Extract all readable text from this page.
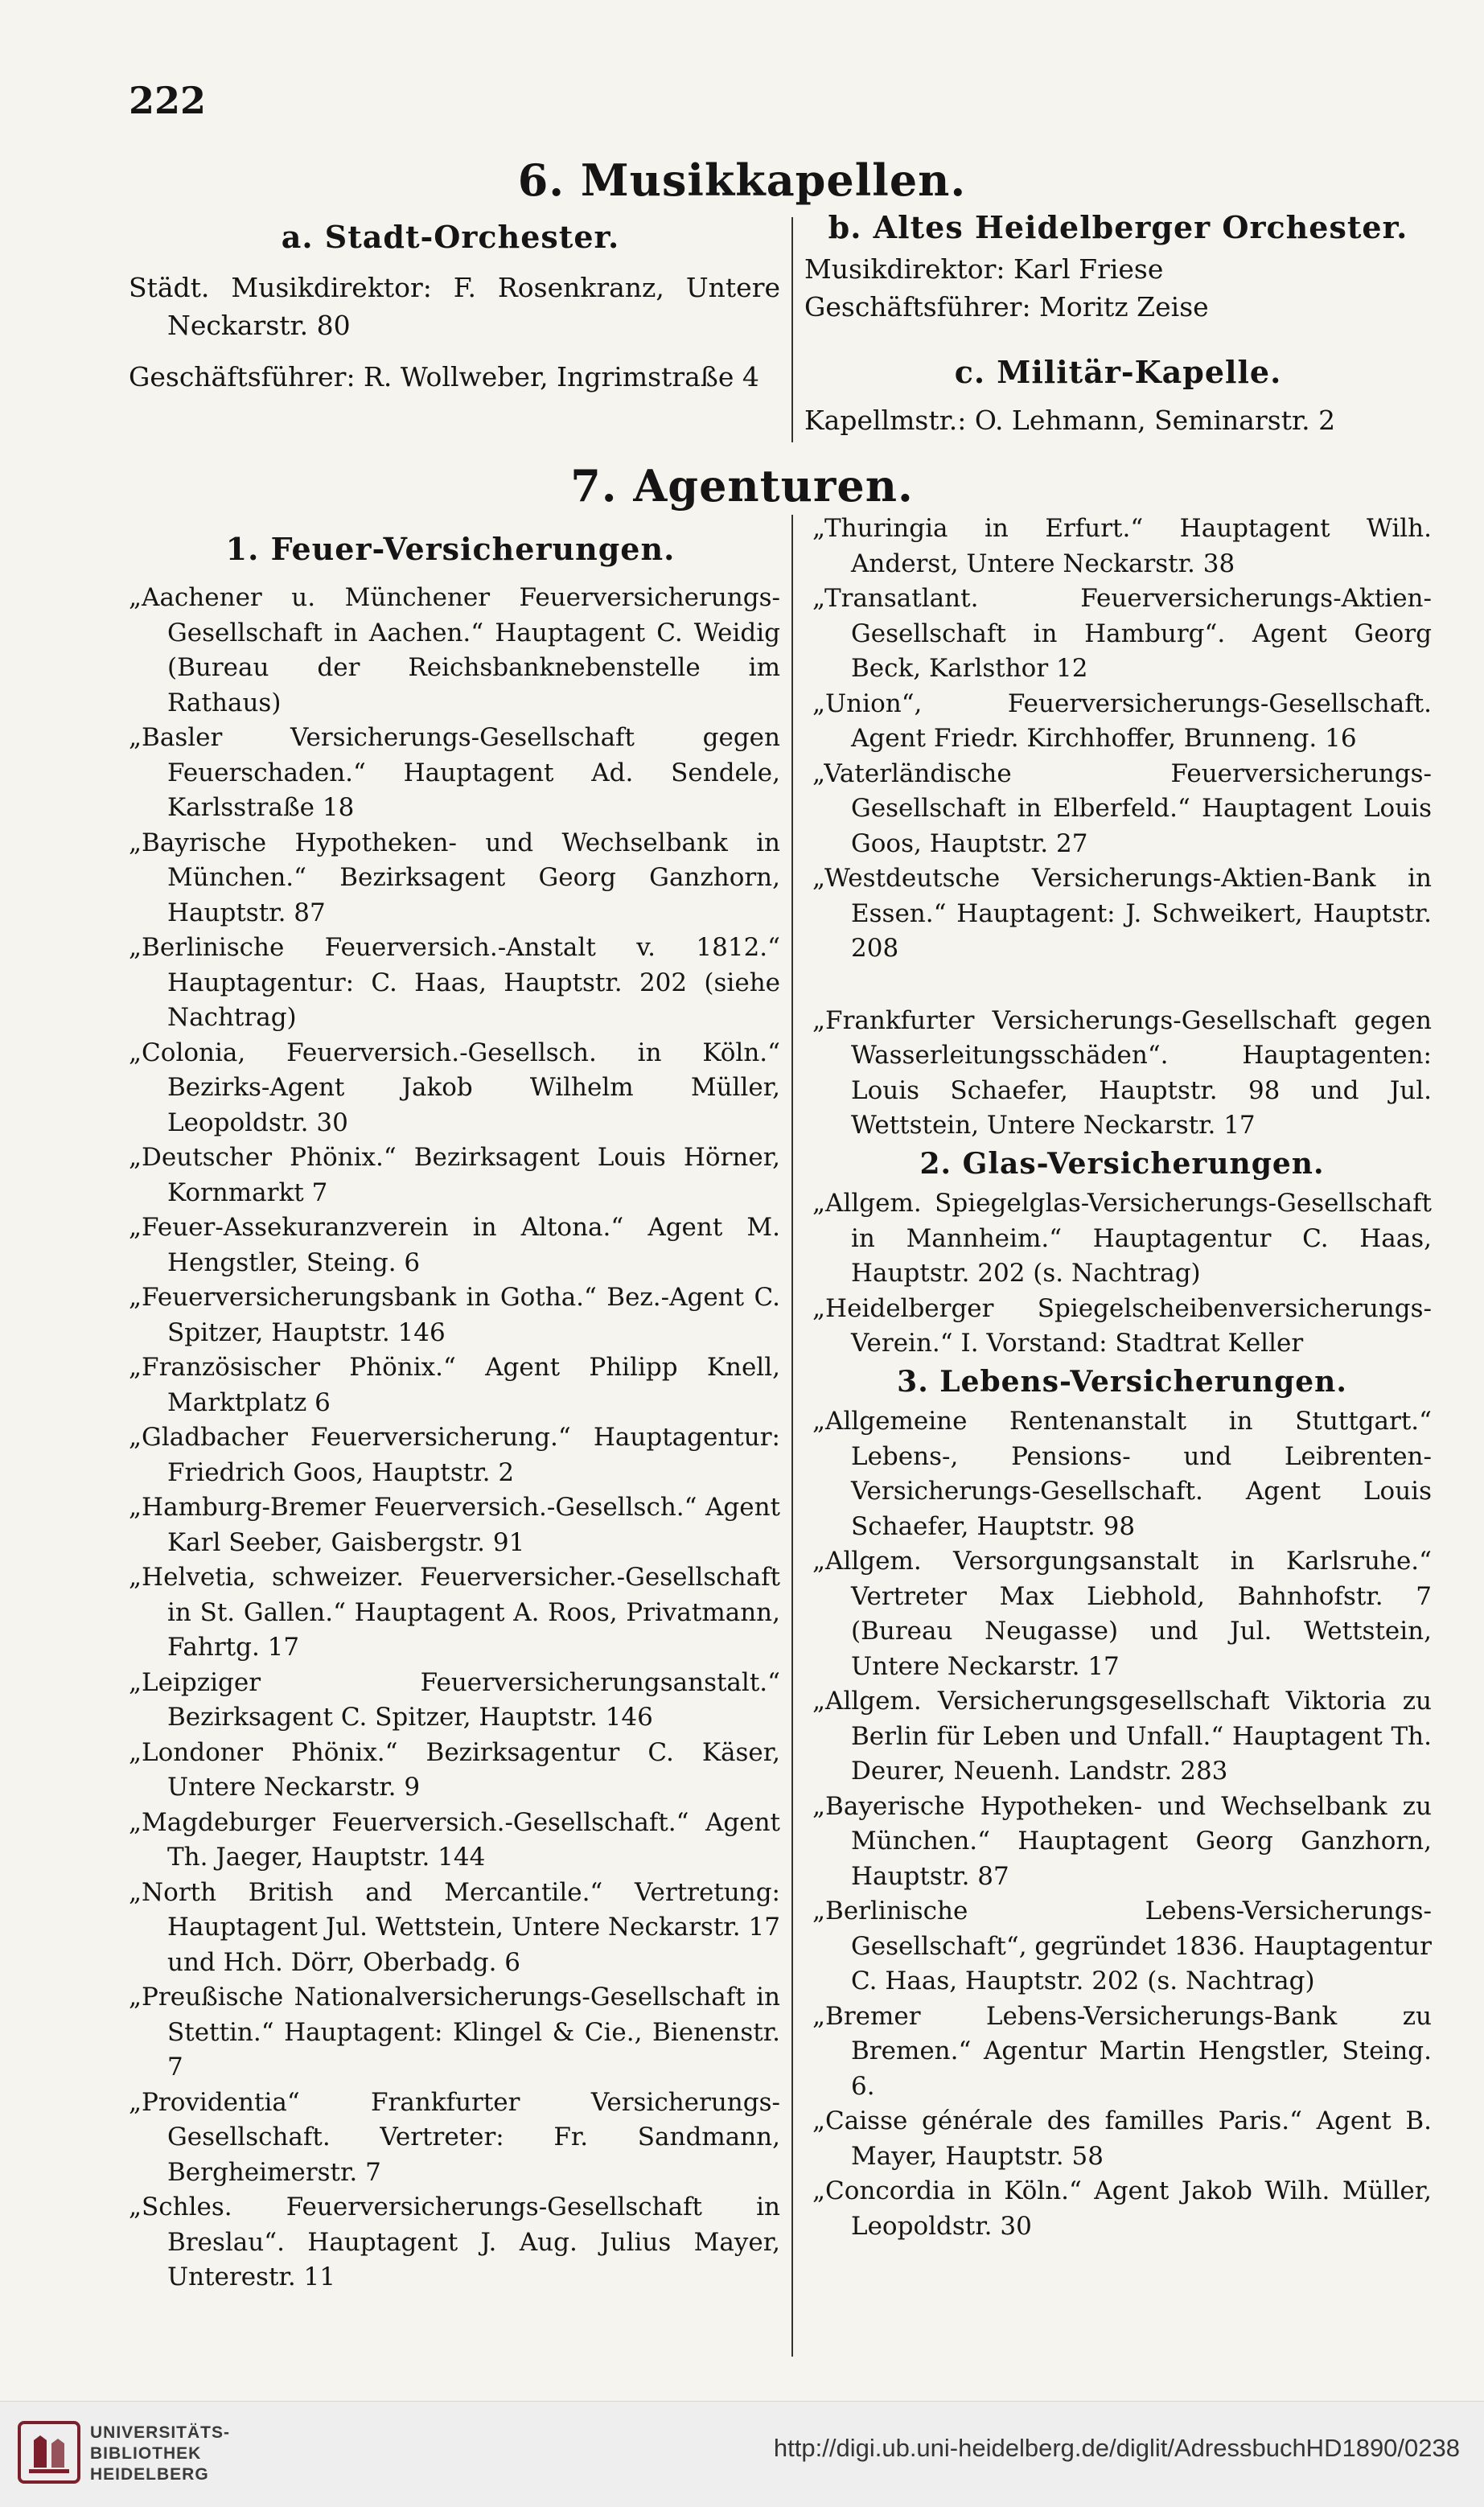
222
6. Musikkapellen.
a. Stadt-Orchester.

Städt. Musikdirektor: F. Rosenkranz, Untere Neckarstr. 80

Geschäftsführer: R. Wollweber, Ingrimstraße 4

b. Altes Heidelberger Orchester.

Musikdirektor: Karl Friese

Geschäftsführer: Moritz Zeise

c. Militär-Kapelle.

Kapellmstr.: O. Lehmann, Seminarstr. 2

7. Agenturen.
1. Feuer-Versicherungen.

„Aachener u. Münchener Feuerversicherungs-Gesellschaft in Aachen.“ Hauptagent C. Weidig (Bureau der Reichsbanknebenstelle im Rathaus)

„Basler Versicherungs-Gesellschaft gegen Feuerschaden.“ Hauptagent Ad. Sendele, Karlsstraße 18

„Bayrische Hypotheken- und Wechselbank in München.“ Bezirksagent Georg Ganzhorn, Hauptstr. 87

„Berlinische Feuerversich.-Anstalt v. 1812.“ Hauptagentur: C. Haas, Hauptstr. 202 (siehe Nachtrag)

„Colonia, Feuerversich.-Gesellsch. in Köln.“ Bezirks-Agent Jakob Wilhelm Müller, Leopoldstr. 30

„Deutscher Phönix.“ Bezirksagent Louis Hörner, Kornmarkt 7

„Feuer-Assekuranzverein in Altona.“ Agent M. Hengstler, Steing. 6

„Feuerversicherungsbank in Gotha.“ Bez.-Agent C. Spitzer, Hauptstr. 146

„Französischer Phönix.“ Agent Philipp Knell, Marktplatz 6

„Gladbacher Feuerversicherung.“ Hauptagentur: Friedrich Goos, Hauptstr. 2

„Hamburg-Bremer Feuerversich.-Gesellsch.“ Agent Karl Seeber, Gaisbergstr. 91

„Helvetia, schweizer. Feuerversicher.-Gesellschaft in St. Gallen.“ Hauptagent A. Roos, Privatmann, Fahrtg. 17

„Leipziger Feuerversicherungsanstalt.“ Bezirksagent C. Spitzer, Hauptstr. 146

„Londoner Phönix.“ Bezirksagentur C. Käser, Untere Neckarstr. 9

„Magdeburger Feuerversich.-Gesellschaft.“ Agent Th. Jaeger, Hauptstr. 144

„North British and Mercantile.“ Vertretung: Hauptagent Jul. Wettstein, Untere Neckarstr. 17 und Hch. Dörr, Oberbadg. 6

„Preußische Nationalversicherungs-Gesellschaft in Stettin.“ Hauptagent: Klingel & Cie., Bienenstr. 7

„Providentia“ Frankfurter Versicherungs-Gesellschaft. Vertreter: Fr. Sandmann, Bergheimerstr. 7

„Schles. Feuerversicherungs-Gesellschaft in Breslau“. Hauptagent J. Aug. Julius Mayer, Unterestr. 11

„Thuringia in Erfurt.“ Hauptagent Wilh. Anderst, Untere Neckarstr. 38

„Transatlant. Feuerversicherungs-Aktien-Gesellschaft in Hamburg“. Agent Georg Beck, Karlsthor 12

„Union“, Feuerversicherungs-Gesellschaft. Agent Friedr. Kirchhoffer, Brunneng. 16

„Vaterländische Feuerversicherungs-Gesellschaft in Elberfeld.“ Hauptagent Louis Goos, Hauptstr. 27

„Westdeutsche Versicherungs-Aktien-Bank in Essen.“ Hauptagent: J. Schweikert, Hauptstr. 208

„Frankfurter Versicherungs-Gesellschaft gegen Wasserleitungsschäden“. Hauptagenten: Louis Schaefer, Hauptstr. 98 und Jul. Wettstein, Untere Neckarstr. 17

2. Glas-Versicherungen.

„Allgem. Spiegelglas-Versicherungs-Gesellschaft in Mannheim.“ Hauptagentur C. Haas, Hauptstr. 202 (s. Nachtrag)

„Heidelberger Spiegelscheibenversicherungs-Verein.“ I. Vorstand: Stadtrat Keller

3. Lebens-Versicherungen.

„Allgemeine Rentenanstalt in Stuttgart.“ Lebens-, Pensions- und Leibrenten-Versicherungs-Gesellschaft. Agent Louis Schaefer, Hauptstr. 98

„Allgem. Versorgungsanstalt in Karlsruhe.“ Vertreter Max Liebhold, Bahnhofstr. 7 (Bureau Neugasse) und Jul. Wettstein, Untere Neckarstr. 17

„Allgem. Versicherungsgesellschaft Viktoria zu Berlin für Leben und Unfall.“ Hauptagent Th. Deurer, Neuenh. Landstr. 283

„Bayerische Hypotheken- und Wechselbank zu München.“ Hauptagent Georg Ganzhorn, Hauptstr. 87

„Berlinische Lebens-Versicherungs-Gesellschaft“, gegründet 1836. Hauptagentur C. Haas, Hauptstr. 202 (s. Nachtrag)

„Bremer Lebens-Versicherungs-Bank zu Bremen.“ Agentur Martin Hengstler, Steing. 6.

„Caisse générale des familles Paris.“ Agent B. Mayer, Hauptstr. 58

„Concordia in Köln.“ Agent Jakob Wilh. Müller, Leopoldstr. 30

UNIVERSITÄTS-
BIBLIOTHEK
HEIDELBERG
http://digi.ub.uni-heidelberg.de/diglit/AdressbuchHD1890/0238
